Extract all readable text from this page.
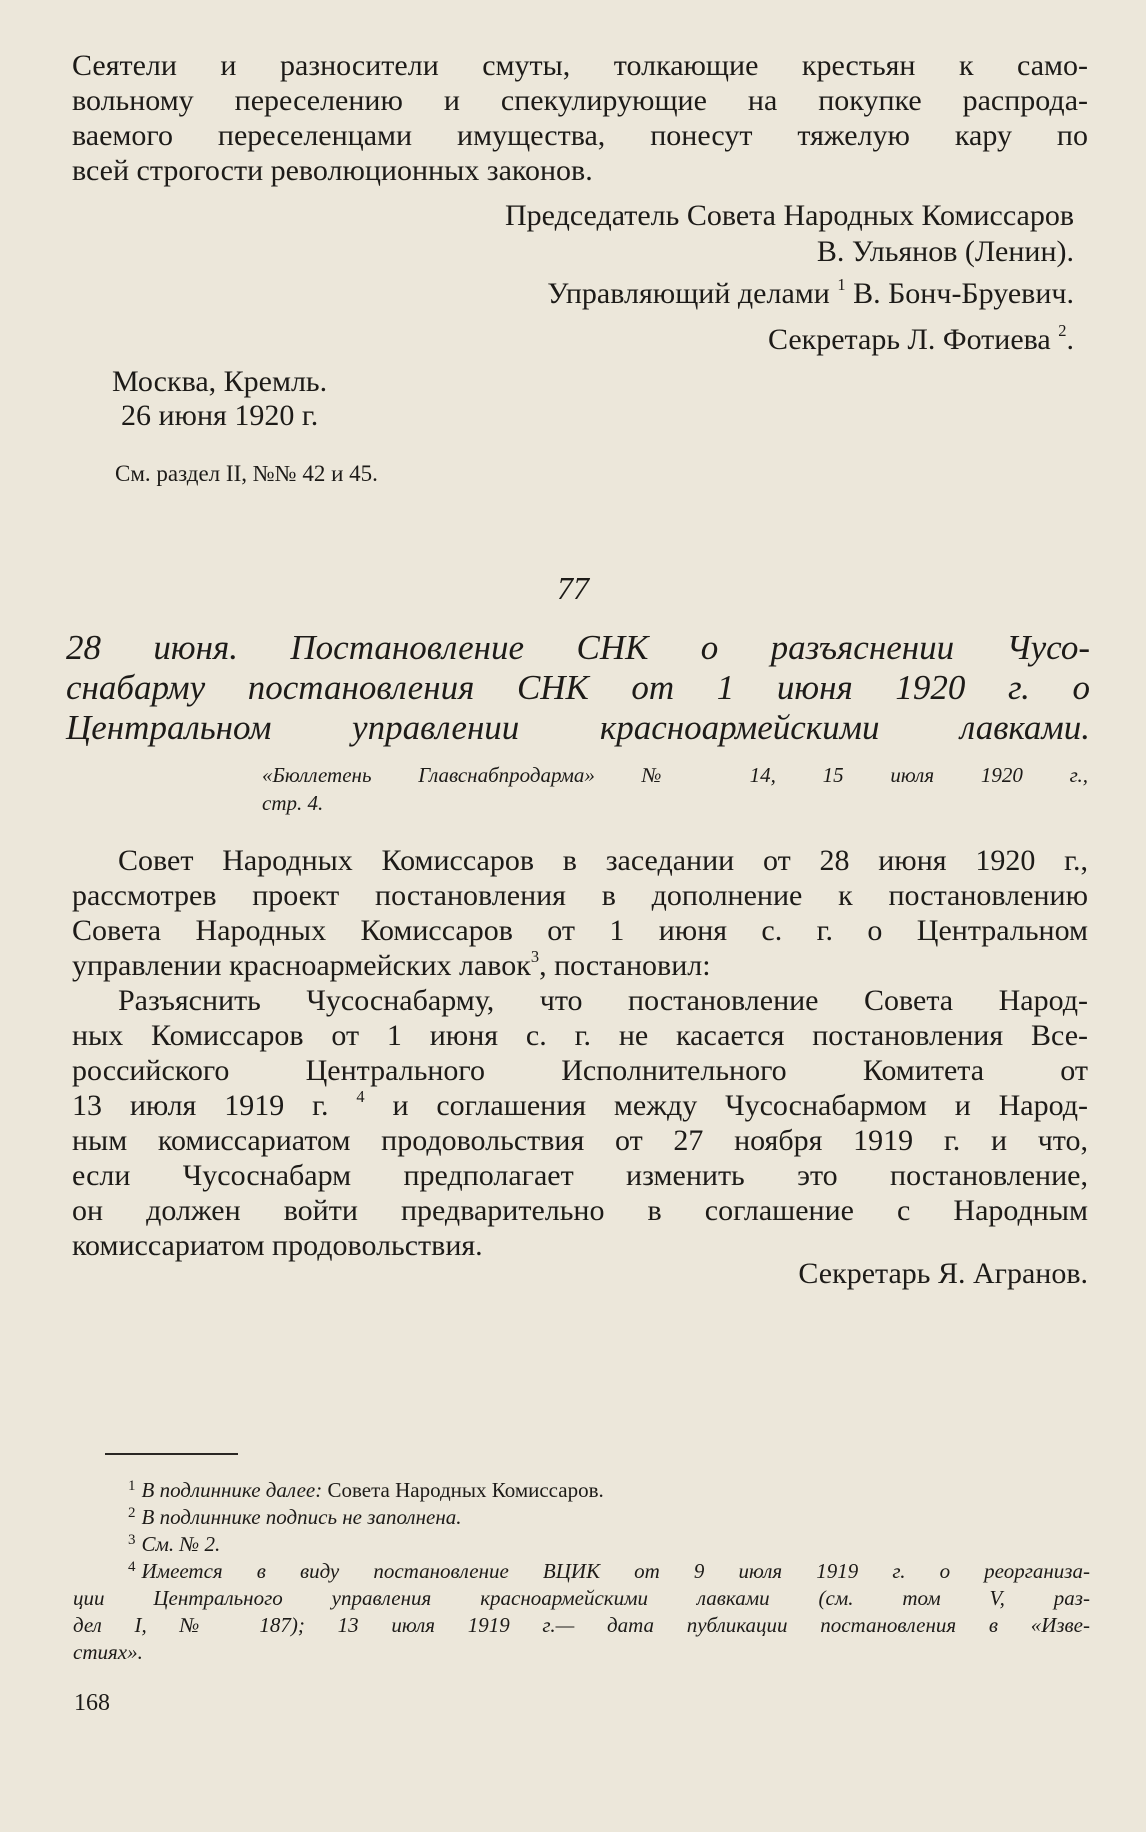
Сеятели и разносители смуты, толкающие крестьян к само-
вольному переселению и спекулирующие на покупке распрода-
ваемого переселенцами имущества, понесут тяжелую кару по
всей строгости революционных законов.
Председатель Совета Народных Комиссаров
В. Ульянов (Ленин).
Управляющий делами $^1$ В. Бонч-Бруевич.
Секретарь Л. Фотиева $^2$.
Москва, Кремль.
26 июня 1920 г.
См. раздел II, №№ 42 и 45.
77
28 июня. Постановление СНК о разъяснении Чусо-
снабарму постановления СНК от 1 июня 1920 г. о
Центральном управлении красноармейскими лавками.
«Бюллетень Главснабпродарма» № 14, 15 июля 1920 г.,
стр. 4.
Совет Народных Комиссаров в заседании от 28 июня 1920 г.,
рассмотрев проект постановления в дополнение к постановлению
Совета Народных Комиссаров от 1 июня с. г. о Центральном
управлении красноармейских лавок$^3$, постановил:
Разъяснить Чусоснабарму, что постановление Совета Народ-
ных Комиссаров от 1 июня с. г. не касается постановления Все-
российского Центрального Исполнительного Комитета от
13 июля 1919 г. $^4$ и соглашения между Чусоснабармом и Народ-
ным комиссариатом продовольствия от 27 ноября 1919 г. и что,
если Чусоснабарм предполагает изменить это постановление,
он должен войти предварительно в соглашение с Народным
комиссариатом продовольствия.
Секретарь Я. Агранов.
$^1$ В подлиннике далее: Совета Народных Комиссаров.
$^2$ В подлиннике подпись не заполнена.
$^3$ См. № 2.
$^4$ Имеется в виду постановление ВЦИК от 9 июля 1919 г. о реорганиза-
ции Центрального управления красноармейскими лавками (см. том V, раз-
дел I, № 187); 13 июля 1919 г.— дата публикации постановления в «Изве-
стиях».
168
